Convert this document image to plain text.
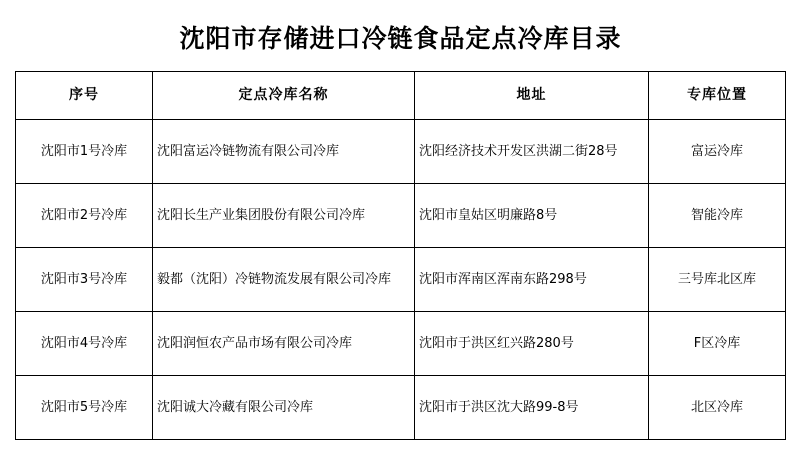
沈阳市存储进口冷链食品定点冷库目录
序号	定点冷库名称	地址	专库位置
沈阳市1号冷库	沈阳富运冷链物流有限公司冷库	沈阳经济技术开发区洪湖二街28号	富运冷库
沈阳市2号冷库	沈阳长生产业集团股份有限公司冷库	沈阳市皇姑区明廉路8号	智能冷库
沈阳市3号冷库	毅都（沈阳）冷链物流发展有限公司冷库	沈阳市浑南区浑南东路298号	三号库北区库
沈阳市4号冷库	沈阳润恒农产品市场有限公司冷库	沈阳市于洪区红兴路280号	F区冷库
沈阳市5号冷库	沈阳诚大冷藏有限公司冷库	沈阳市于洪区沈大路99-8号	北区冷库
